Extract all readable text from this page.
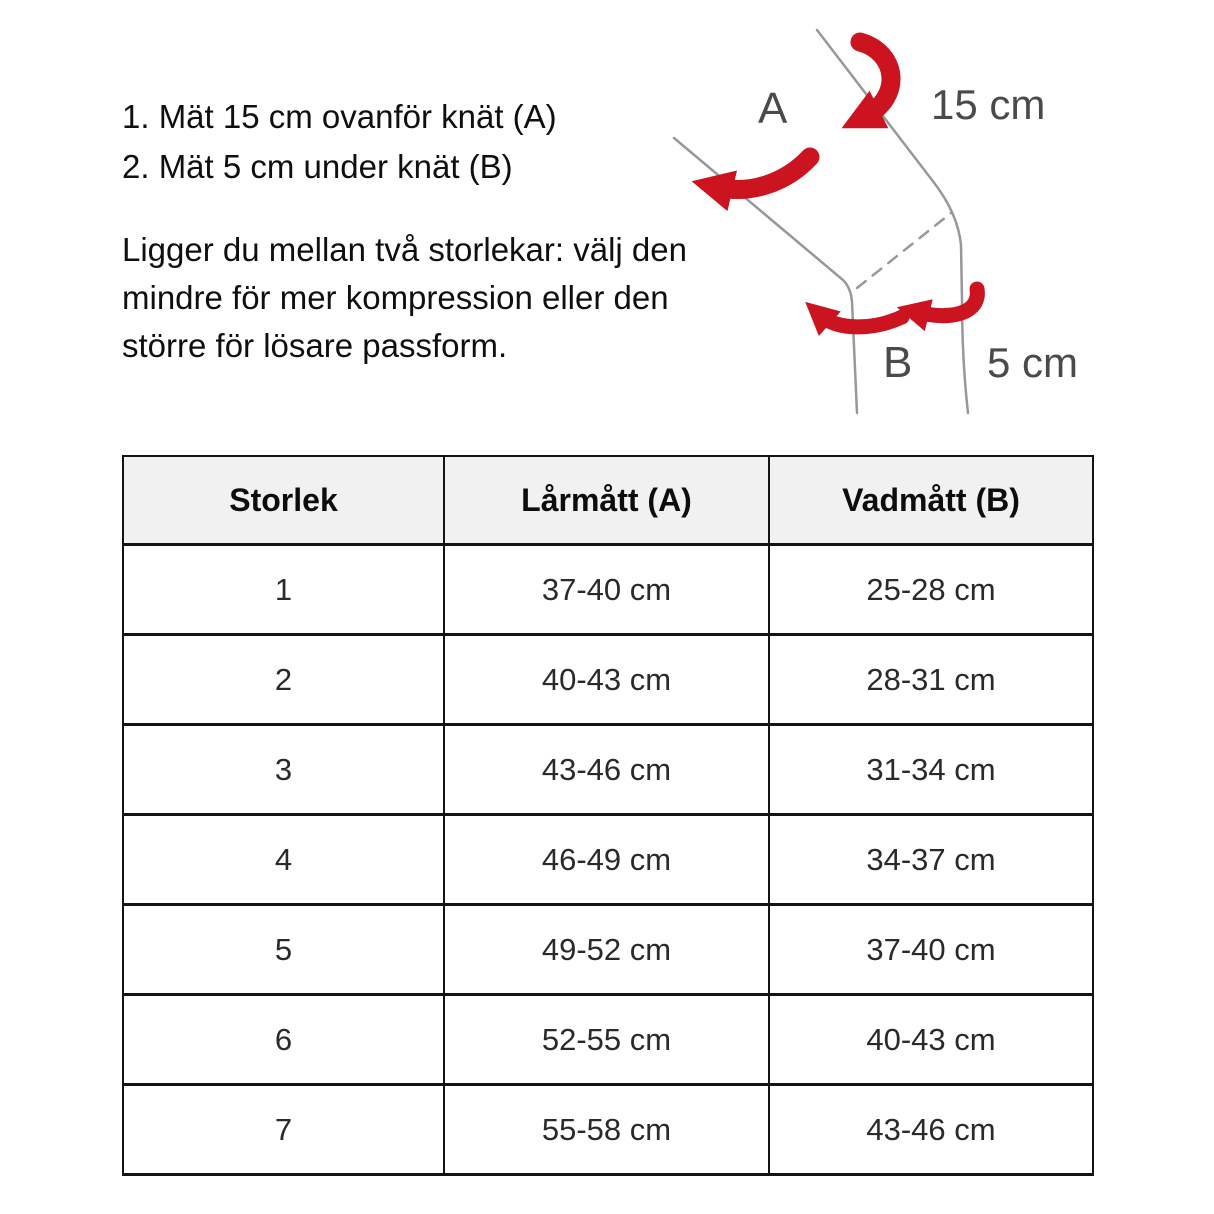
1. Mät 15 cm ovanför knät (A)
2. Mät 5 cm under knät (B)
Ligger du mellan två storlekar: välj den
mindre för mer kompression eller den
större för lösare passform.
A	15 cm
B 5 cm
Storlek	Lårmått (A)	Vadmått (B)
1	37-40 cm	25-28 cm
2	40-43 cm	28-31 cm
3	43-46 cm	31-34 cm
4	46-49 cm	34-37 cm
5	49-52 cm	37-40 cm
6	52-55 cm	40-43 cm
7	55-58 cm	43-46 cm
